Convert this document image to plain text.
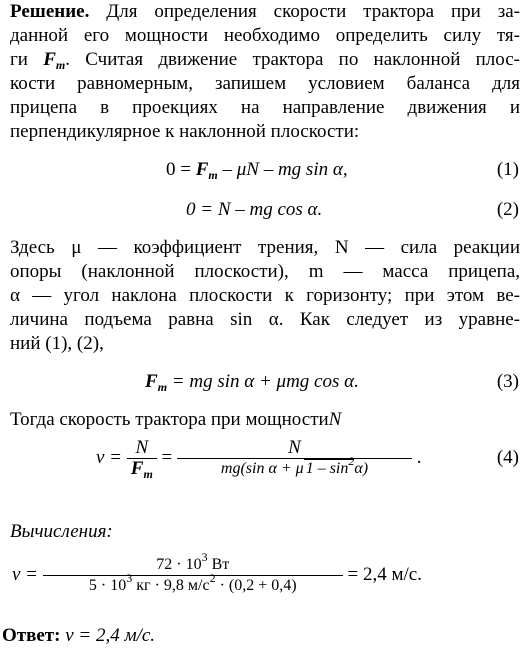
Решение. Для определения скорости трактора при за-
данной его мощности необходимо определить силу тя-
ги $F_т$. Считая движение трактора по наклонной плос-
кости равномерным, запишем условием баланса для
прицепа в проекциях на направление движения и
перпендикулярное к наклонной плоскости:
$0 = F_т - \mu N$ – mg sin α,	(1)
0 = N – mg cos α.	(2)
Здесь μ — коэффициент трения, N — сила реакции
опоры (наклонной плоскости), m — масса прицепа,
α — угол наклона плоскости к горизонту; при этом ве-
личина подъема равна sin α. Как следует из уравне-
ний (1), (2),
$F_т$ = mg sin α + μmg cos α.	(3)
Тогда скорость трактора при мощностиN
$v = \frac{N}{F_т} = \frac{N}{mg(\sin \alpha + \mu 1 - \sin^2\alpha)}$ .	(4)
Вычисления:
$v = \frac{72 \cdot 10^3 Вт}{5 \cdot 10^3 кг \cdot 9,8 м/с^2 \cdot (0,2 + 0,4)} = 2,4$ м/с.
Ответ: v = 2,4 м/с.
